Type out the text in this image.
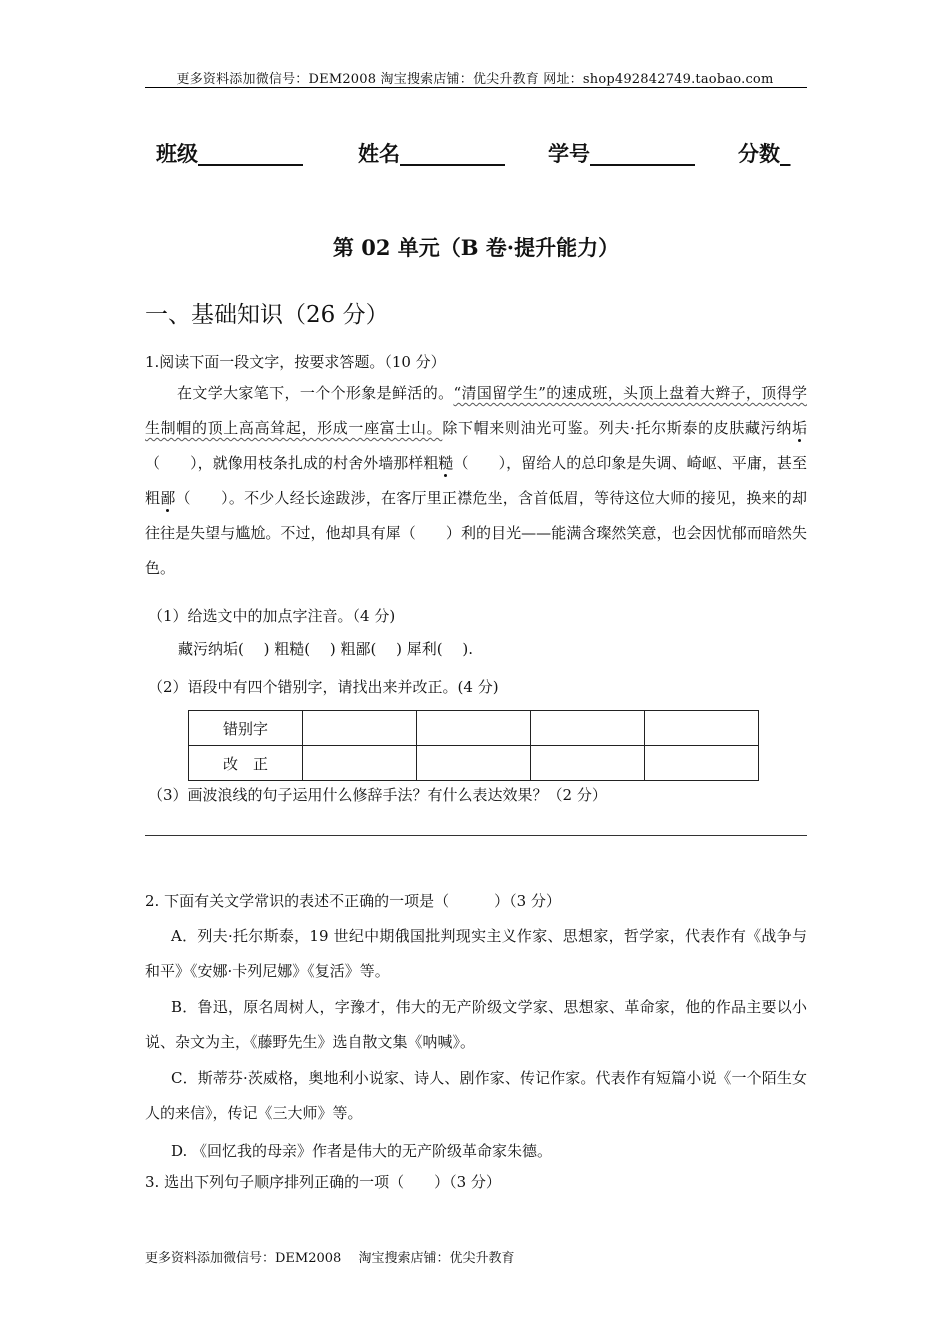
更多资料添加微信号：DEM2008 淘宝搜索店铺：优尖升教育 网址：shop492842749.taobao.com
班级__________	姓名__________ 学号__________ 分数_
第 02 单元（B 卷·提升能力）
一、基础知识（26 分）
1.阅读下面一段文字，按要求答题。（10 分）
在文学大家笔下，一个个形象是鲜活的。“清国留学生”的速成班，头顶上盘着大辫子，顶得学生制帽的顶上高高耸起，形成一座富士山。除下帽来则油光可鉴。列夫·托尔斯泰的皮肤藏污纳垢（　　），就像用枝条扎成的村舍外墙那样粗糙（　　），留给人的总印象是失调、崎岖、平庸，甚至粗鄙（　　）。不少人经长途跋涉，在客厅里正襟危坐，含首低眉，等待这位大师的接见，换来的却往往是失望与尴尬。不过，他却具有犀（　　）利的目光——能满含璨然笑意，也会因忧郁而暗然失色。
（1）给选文中的加点字注音。（4 分)
藏污纳垢(　 ) 粗糙(　 ) 粗鄙(　 ) 犀利(　 ).
（2）语段中有四个错别字，请找出来并改正。(4 分)
错别字				
改　正				
（3）画波浪线的句子运用什么修辞手法？有什么表达效果？（2 分）
2. 下面有关文学常识的表述不正确的一项是（　　　）（3 分）
A．列夫·托尔斯泰，19 世纪中期俄国批判现实主义作家、思想家，哲学家，代表作有《战争与和平》《安娜·卡列尼娜》《复活》等。
B．鲁迅，原名周树人，字豫才，伟大的无产阶级文学家、思想家、革命家，他的作品主要以小说、杂文为主，《藤野先生》选自散文集《呐喊》。
C．斯蒂芬·茨威格，奥地利小说家、诗人、剧作家、传记作家。代表作有短篇小说《一个陌生女人的来信》，传记《三大师》等。
D. 《回忆我的母亲》作者是伟大的无产阶级革命家朱德。
3. 选出下列句子顺序排列正确的一项（　　）（3 分）
更多资料添加微信号：DEM2008　 淘宝搜索店铺：优尖升教育
